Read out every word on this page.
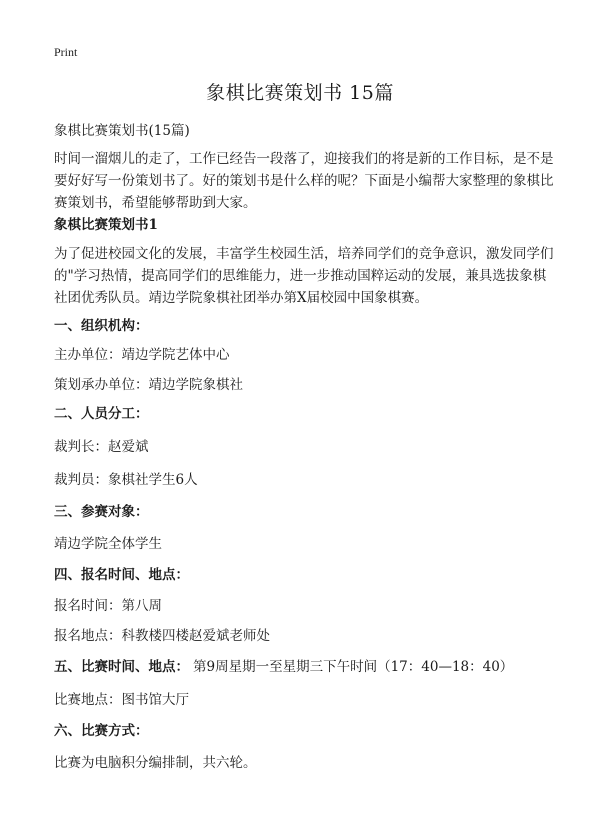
Print
象棋比赛策划书 15篇

象棋比赛策划书(15篇)

时间一溜烟儿的走了，工作已经告一段落了，迎接我们的将是新的工作目标，是不是要好好写一份策划书了。好的策划书是什么样的呢？下面是小编帮大家整理的象棋比赛策划书，希望能够帮助到大家。

象棋比赛策划书1

为了促进校园文化的发展，丰富学生校园生活，培养同学们的竞争意识，激发同学们的"学习热情，提高同学们的思维能力，进一步推动国粹运动的发展，兼具选拔象棋社团优秀队员。靖边学院象棋社团举办第X届校园中国象棋赛。

一、组织机构：

主办单位：靖边学院艺体中心

策划承办单位：靖边学院象棋社

二、人员分工：

裁判长：赵爱斌

裁判员：象棋社学生6人

三、参赛对象：

靖边学院全体学生

四、报名时间、地点：

报名时间：第八周

报名地点：科教楼四楼赵爱斌老师处

五、比赛时间、地点： 第9周星期一至星期三下午时间（17：40—18：40）

比赛地点：图书馆大厅

六、比赛方式：

比赛为电脑积分编排制，共六轮。
